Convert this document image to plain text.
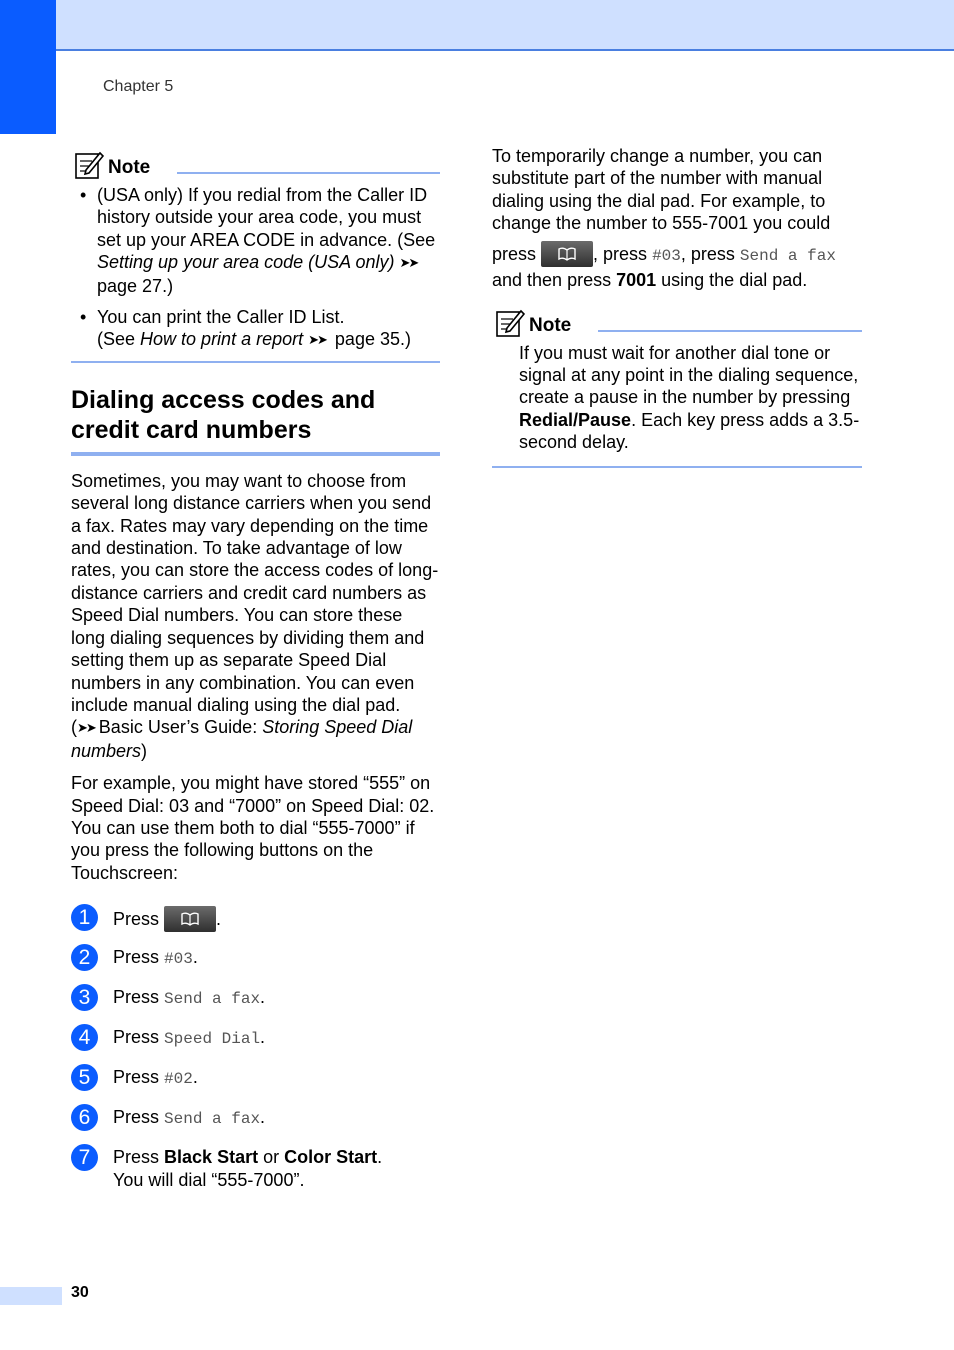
Chapter 5
Note
• (USA only) If you redial from the Caller ID history outside your area code, you must set up your AREA CODE in advance. (See Setting up your area code (USA only) ➤➤ page 27.)
• You can print the Caller ID List.
(See How to print a report ➤➤ page 35.)
Dialing access codes and credit card numbers

Sometimes, you may want to choose from several long distance carriers when you send a fax. Rates may vary depending on the time and destination. To take advantage of low rates, you can store the access codes of long-distance carriers and credit card numbers as Speed Dial numbers. You can store these long dialing sequences by dividing them and setting them up as separate Speed Dial numbers in any combination. You can even include manual dialing using the dial pad. (➤➤ Basic User’s Guide: Storing Speed Dial numbers)

For example, you might have stored “555” on Speed Dial: 03 and “7000” on Speed Dial: 02. You can use them both to dial “555-7000” if you press the following buttons on the Touchscreen:

1	Press	.
2	Press #03.
3	Press Send a fax.
4	Press Speed Dial.
5	Press #02.
6	Press Send a fax.
7	Press Black Start or Color Start.
You will dial “555-7000”.

To temporarily change a number, you can substitute part of the number with manual dialing using the dial pad. For example, to change the number to 555-7001 you could

press	, press #03, press Send a fax and then press 7001 using the dial pad.

Note

If you must wait for another dial tone or signal at any point in the dialing sequence, create a pause in the number by pressing Redial/Pause. Each key press adds a 3.5-second delay.

30
